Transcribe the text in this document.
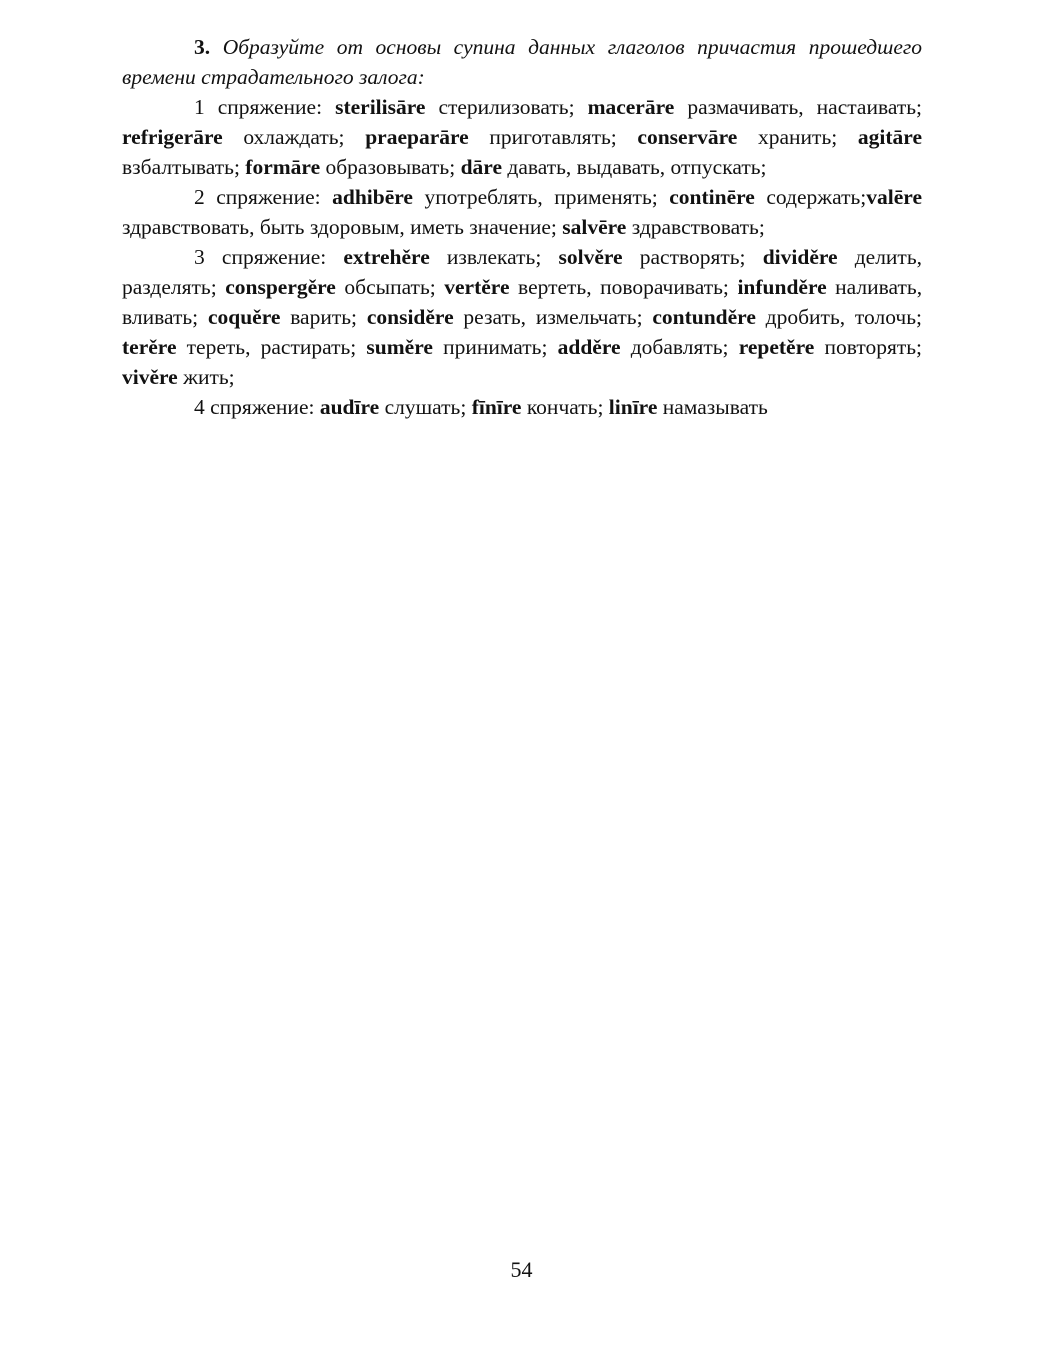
3. Образуйте от основы супина данных глаголов причастия прошедшего времени страдательного залога:

1 спряжение: sterilisāre стерилизовать; macerāre размачивать, настаивать; refrigerāre охлаждать; praeparāre приготавлять; conservāre хранить; agitāre взбалтывать; formāre образовывать; dāre давать, выдавать, отпускать;

2 спряжение: adhibēre употреблять, применять; continēre содержать;valēre здравствовать, быть здоровым, иметь значение; salvēre здравствовать;

3 спряжение: extrehěre извлекать; solvěre растворять; dividěre делить, разделять; conspergěre обсыпать; vertěre вертеть, поворачивать; infunděre наливать, вливать; coquěre варить; considěre резать, измельчать; contunděre дробить, толочь; terěre тереть, растирать; suměre принимать; adděre добавлять; repetěre повторять; vivěre жить;

4 спряжение: audīre слушать; fīnīre кончать; linīre намазывать

54
